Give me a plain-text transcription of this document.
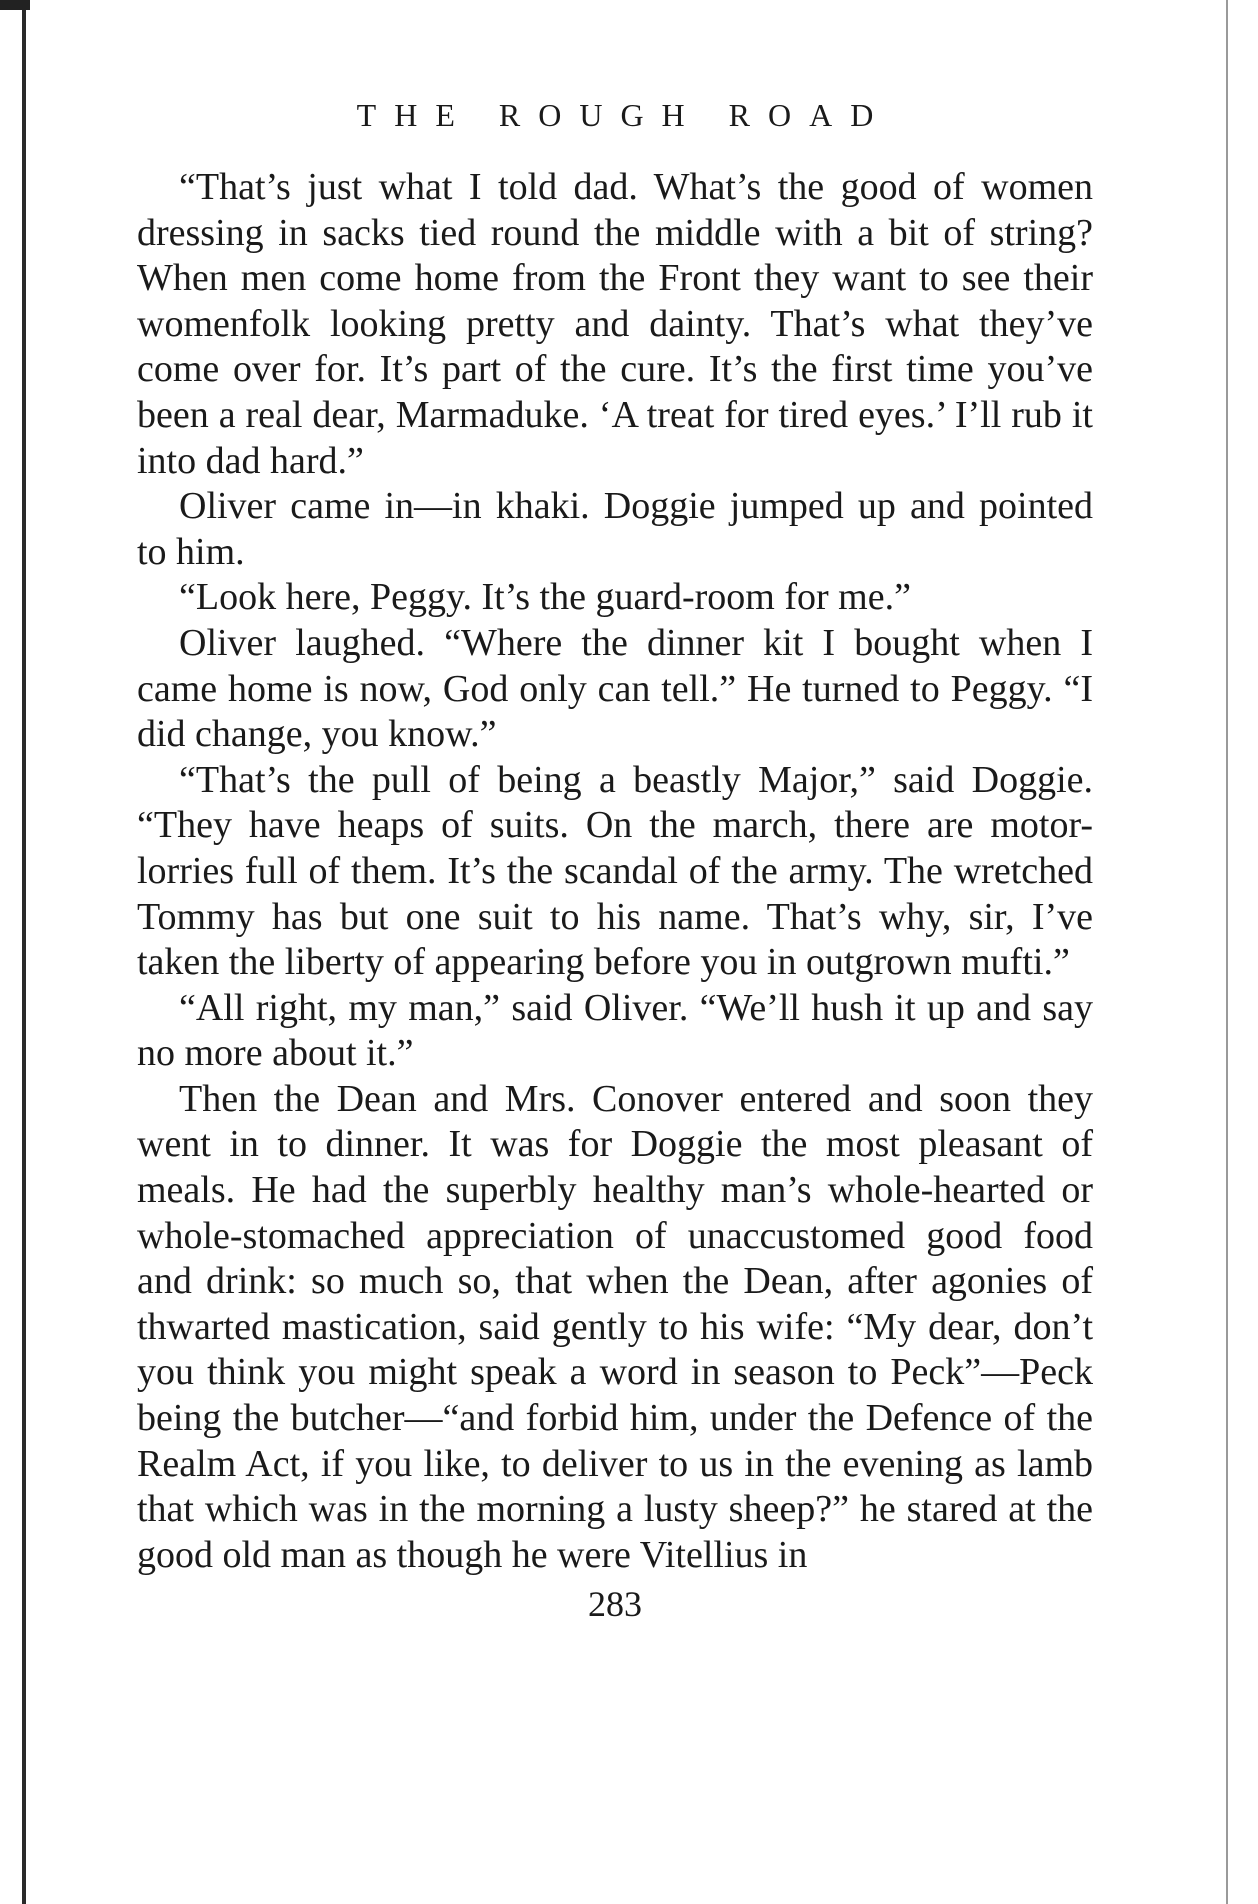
THE ROUGH ROAD

“That’s just what I told dad. What’s the good of women dressing in sacks tied round the middle with a bit of string? When men come home from the Front they want to see their womenfolk looking pretty and dainty. That’s what they’ve come over for. It’s part of the cure. It’s the first time you’ve been a real dear, Marmaduke. ‘A treat for tired eyes.’ I’ll rub it into dad hard.”

Oliver came in—in khaki. Doggie jumped up and pointed to him.

“Look here, Peggy. It’s the guard-room for me.”

Oliver laughed. “Where the dinner kit I bought when I came home is now, God only can tell.” He turned to Peggy. “I did change, you know.”

“That’s the pull of being a beastly Major,” said Doggie. “They have heaps of suits. On the march, there are motor-lorries full of them. It’s the scandal of the army. The wretched Tommy has but one suit to his name. That’s why, sir, I’ve taken the liberty of appearing before you in outgrown mufti.”

“All right, my man,” said Oliver. “We’ll hush it up and say no more about it.”

Then the Dean and Mrs. Conover entered and soon they went in to dinner. It was for Doggie the most pleasant of meals. He had the superbly healthy man’s whole-hearted or whole-stomached appreciation of unaccustomed good food and drink: so much so, that when the Dean, after agonies of thwarted mastication, said gently to his wife: “My dear, don’t you think you might speak a word in season to Peck”—Peck being the butcher—“and forbid him, under the Defence of the Realm Act, if you like, to deliver to us in the evening as lamb that which was in the morning a lusty sheep?” he stared at the good old man as though he were Vitellius in

283
